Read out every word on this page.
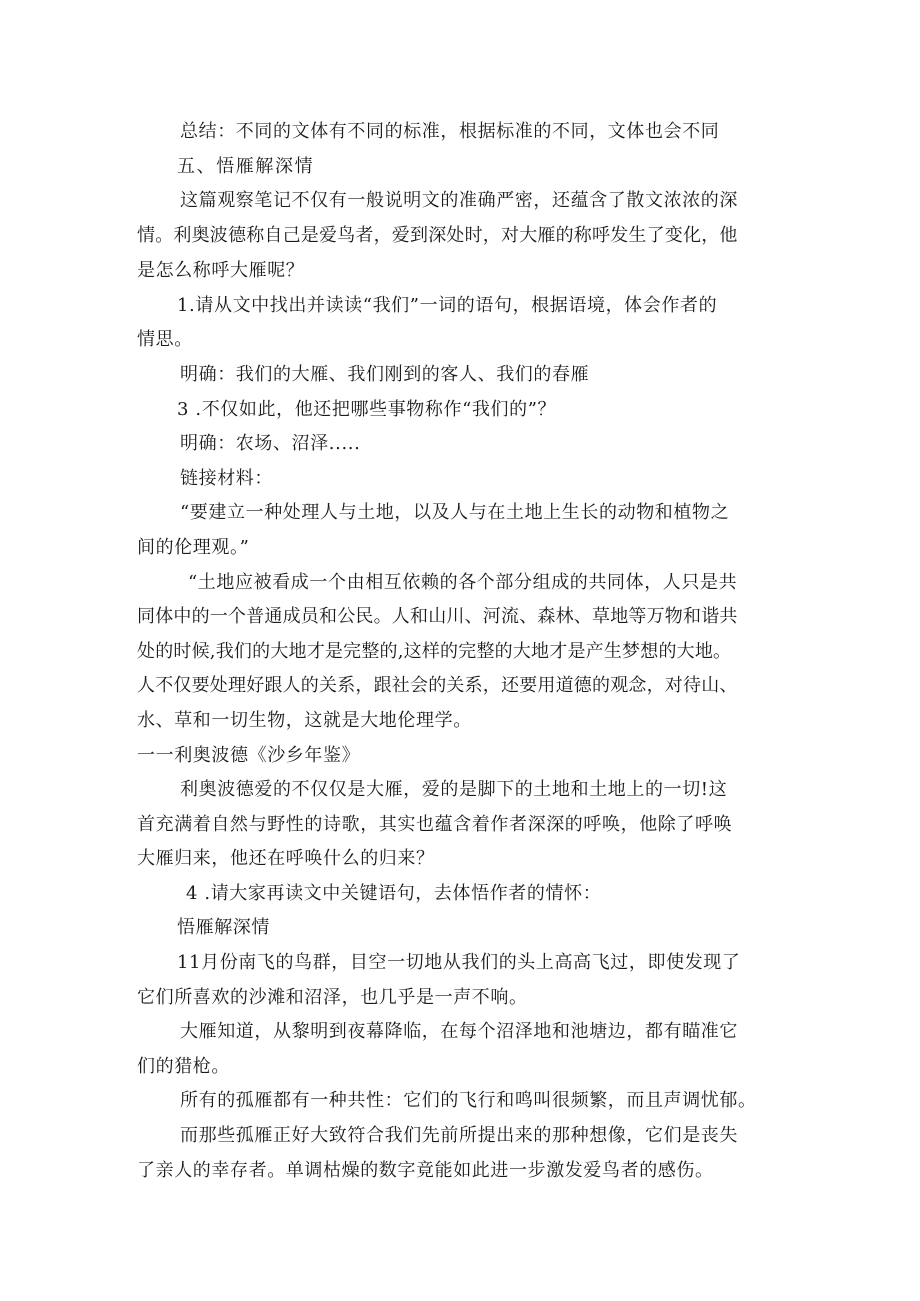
总结：不同的文体有不同的标准，根据标准的不同，文体也会不同
五、悟雁解深情
这篇观察笔记不仅有一般说明文的准确严密，还蕴含了散文浓浓的深
情。利奥波德称自己是爱鸟者，爱到深处时，对大雁的称呼发生了变化，他
是怎么称呼大雁呢？
1.请从文中找出并读读“我们”一词的语句，根据语境，体会作者的
情思。
明确：我们的大雁、我们刚到的客人、我们的春雁
3 .不仅如此，他还把哪些事物称作“我们的”？
明确：农场、沼泽.....
链接材料：
“要建立一种处理人与土地，以及人与在土地上生长的动物和植物之
间的伦理观。”
“土地应被看成一个由相互依赖的各个部分组成的共同体，人只是共
同体中的一个普通成员和公民。人和山川、河流、森林、草地等万物和谐共
处的时候,我们的大地才是完整的,这样的完整的大地才是产生梦想的大地。
人不仅要处理好跟人的关系，跟社会的关系，还要用道德的观念，对待山、
水、草和一切生物，这就是大地伦理学。
一一利奥波德《沙乡年鉴》
利奥波德爱的不仅仅是大雁，爱的是脚下的土地和土地上的一切!这
首充满着自然与野性的诗歌，其实也蕴含着作者深深的呼唤，他除了呼唤
大雁归来，他还在呼唤什么的归来？
4 .请大家再读文中关键语句，去体悟作者的情怀：
悟雁解深情
11月份南飞的鸟群，目空一切地从我们的头上高高飞过，即使发现了
它们所喜欢的沙滩和沼泽，也几乎是一声不响。
大雁知道，从黎明到夜幕降临，在每个沼泽地和池塘边，都有瞄准它
们的猎枪。
所有的孤雁都有一种共性：它们的飞行和鸣叫很频繁，而且声调忧郁。
而那些孤雁正好大致符合我们先前所提出来的那种想像，它们是丧失
了亲人的幸存者。单调枯燥的数字竟能如此进一步激发爱鸟者的感伤。
